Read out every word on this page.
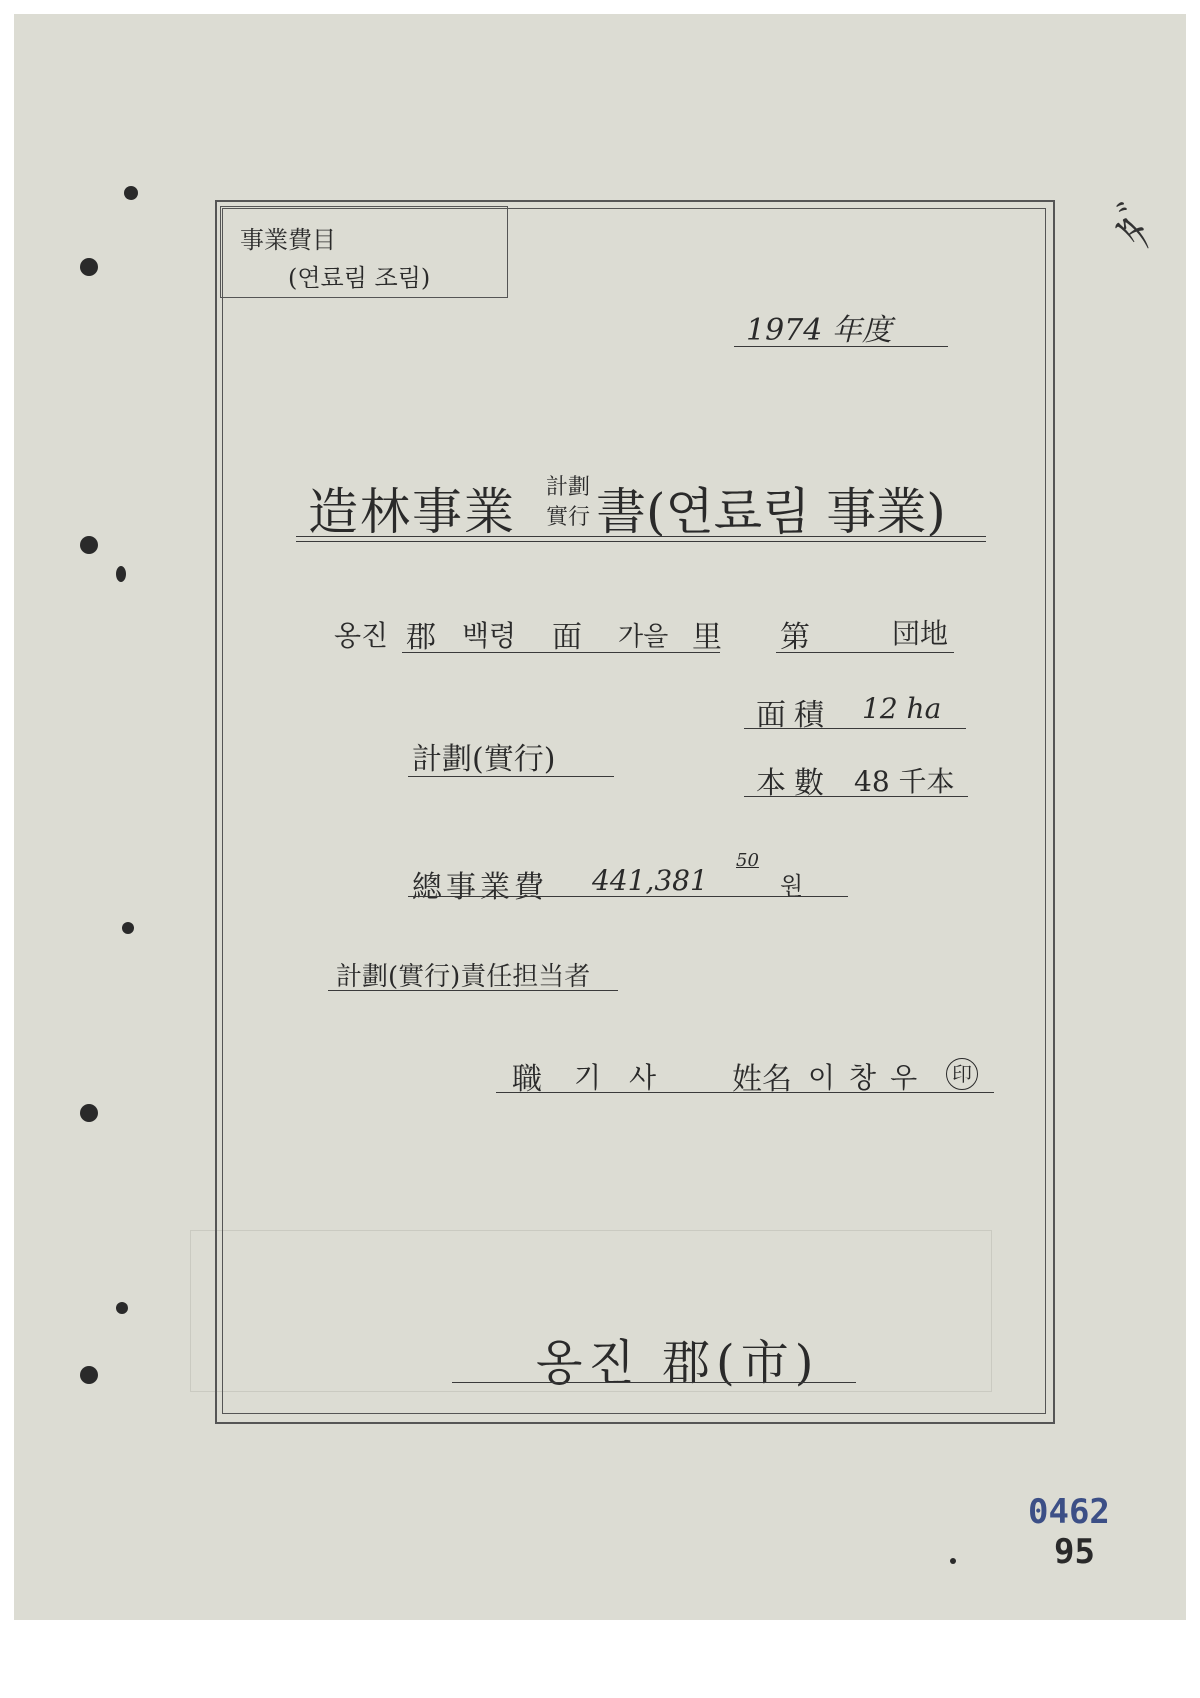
事業費目
(연료림 조림)
1974 年度
造林事業 計劃
實行 書(연료림 事業)
옹진 郡 백령 面 가을 里 第	団地
面積 12 ha
計劃(實行)
本數 48 千本
總事業費 441,381
50
원
計劃(實行)責任担当者
職 기사 姓名 이창우	印
옹진 郡(市)
ﾀﾞ
0462
95
